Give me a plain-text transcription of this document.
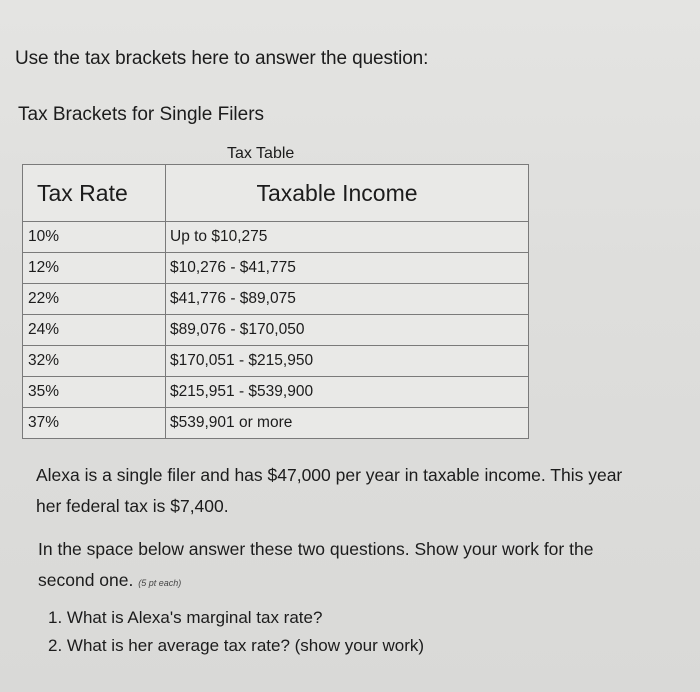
Use the tax brackets here to answer the question:
Tax Brackets for Single Filers
Tax Table
Tax Rate	Taxable Income
10%	Up to $10,275
12%	$10,276 - $41,775
22%	$41,776 - $89,075
24%	$89,076 - $170,050
32%	$170,051 - $215,950
35%	$215,951 - $539,900
37%	$539,901 or more
Alexa is a single filer and has $47,000 per year in taxable income. This year
her federal tax is $7,400.
In the space below answer these two questions. Show your work for the
second one. (5 pt each)
1. What is Alexa's marginal tax rate?
2. What is her average tax rate? (show your work)
